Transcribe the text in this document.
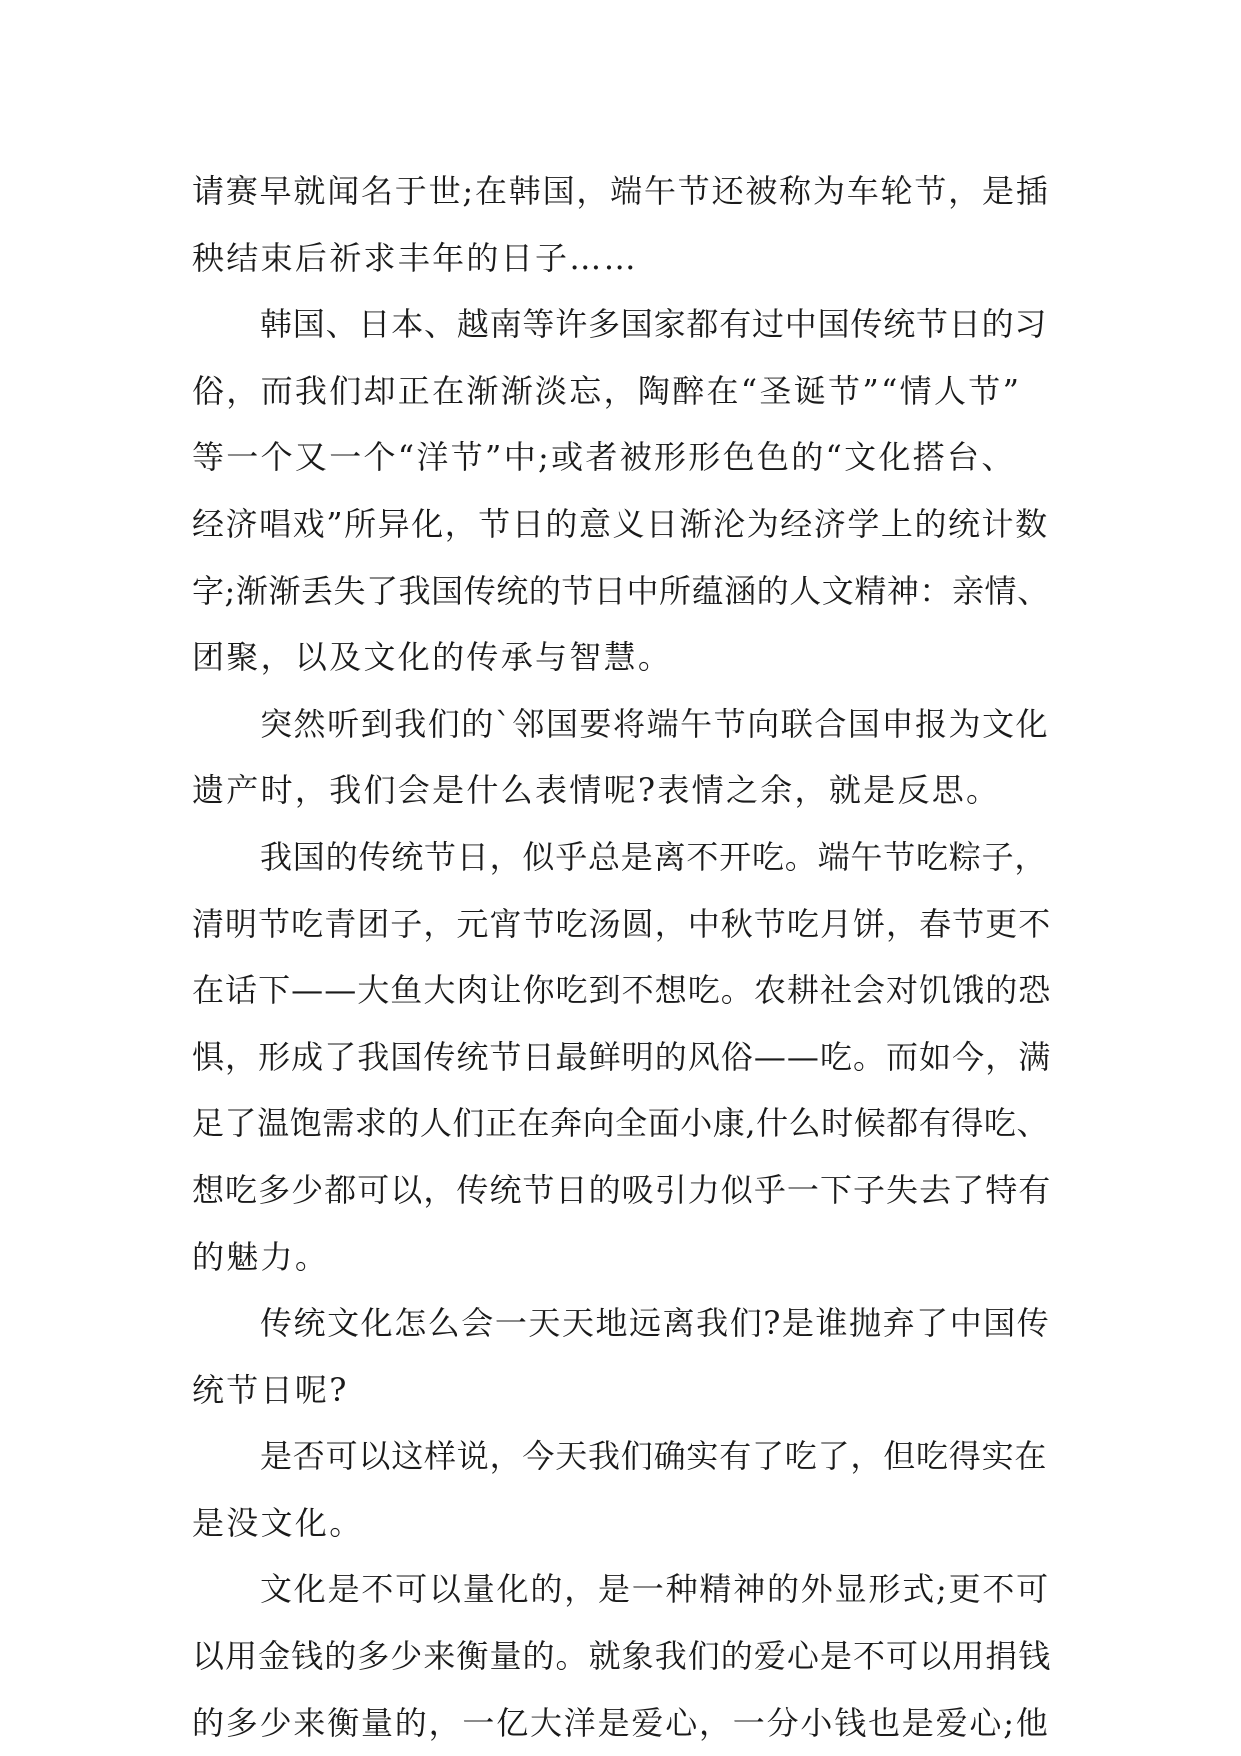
请赛早就闻名于世;在韩国，端午节还被称为车轮节，是插
秧结束后祈求丰年的日子……
韩国、日本、越南等许多国家都有过中国传统节日的习
俗，而我们却正在渐渐淡忘，陶醉在“圣诞节”“情人节”
等一个又一个“洋节”中;或者被形形色色的“文化搭台、
经济唱戏”所异化，节日的意义日渐沦为经济学上的统计数
字;渐渐丢失了我国传统的节日中所蕴涵的人文精神：亲情、
团聚，以及文化的传承与智慧。
突然听到我们的`邻国要将端午节向联合国申报为文化
遗产时，我们会是什么表情呢?表情之余，就是反思。
我国的传统节日，似乎总是离不开吃。端午节吃粽子，
清明节吃青团子，元宵节吃汤圆，中秋节吃月饼，春节更不
在话下——大鱼大肉让你吃到不想吃。农耕社会对饥饿的恐
惧，形成了我国传统节日最鲜明的风俗——吃。而如今，满
足了温饱需求的人们正在奔向全面小康,什么时候都有得吃、
想吃多少都可以，传统节日的吸引力似乎一下子失去了特有
的魅力。
传统文化怎么会一天天地远离我们?是谁抛弃了中国传
统节日呢?
是否可以这样说，今天我们确实有了吃了，但吃得实在
是没文化。
文化是不可以量化的，是一种精神的外显形式;更不可
以用金钱的多少来衡量的。就象我们的爱心是不可以用捐钱
的多少来衡量的，一亿大洋是爱心，一分小钱也是爱心;他
